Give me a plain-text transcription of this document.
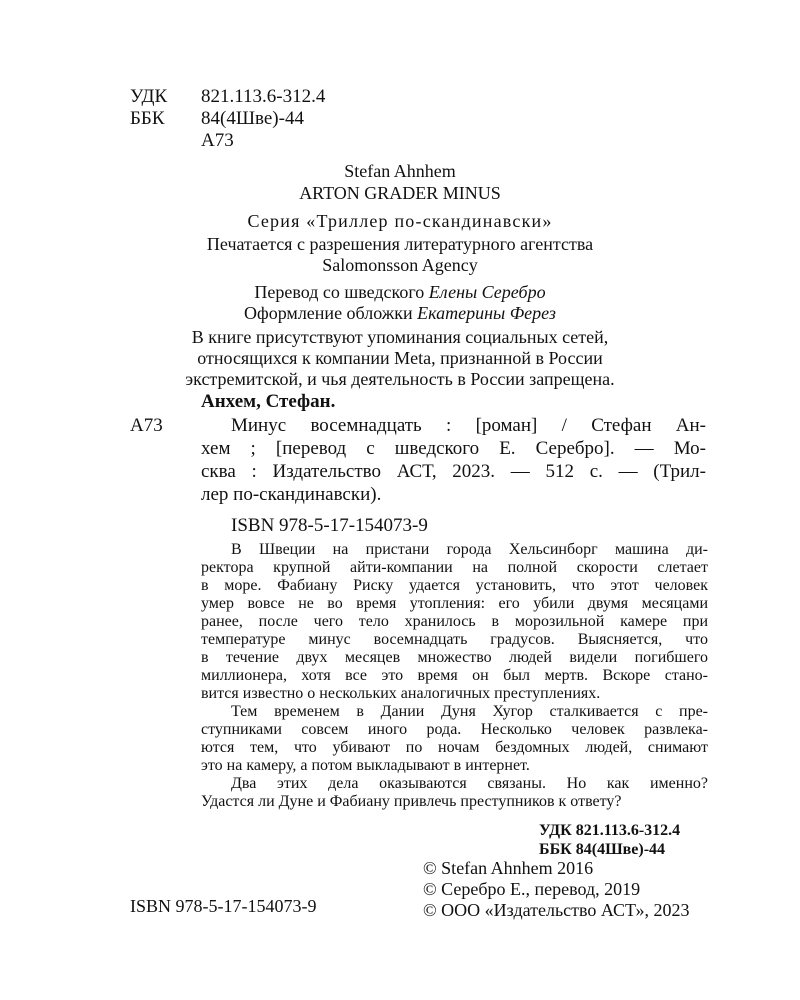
УДК 821.113.6-312.4
ББК 84(4Шве)-44
А73
Stefan Ahnhem
ARTON GRADER MINUS
Серия «Триллер по-скандинавски»
Печатается с разрешения литературного агентства
Salomonsson Agency
Перевод со шведского Елены Серебро
Оформление обложки Екатерины Ферез
В книге присутствуют упоминания социальных сетей,
относящихся к компании Meta, признанной в России
экстремитской, и чья деятельность в России запрещена.
Анхем, Стефан.
А73	Минус восемнадцать : [роман] / Стефан Ан-
хем ; [перевод с шведского Е. Серебро]. — Мо-
сква : Издательство АСТ, 2023. — 512 с. — (Трил-
лер по-скандинавски).
ISBN 978-5-17-154073-9
В Швеции на пристани города Хельсинборг машина ди-
ректора крупной айти-компании на полной скорости слетает
в море. Фабиану Риску удается установить, что этот человек
умер вовсе не во время утопления: его убили двумя месяцами
ранее, после чего тело хранилось в морозильной камере при
температуре минус восемнадцать градусов. Выясняется, что
в течение двух месяцев множество людей видели погибшего
миллионера, хотя все это время он был мертв. Вскоре стано-
вится известно о нескольких аналогичных преступлениях.
Тем временем в Дании Дуня Хугор сталкивается с пре-
ступниками совсем иного рода. Несколько человек развлека-
ются тем, что убивают по ночам бездомных людей, снимают
это на камеру, а потом выкладывают в интернет.
Два этих дела оказываются связаны. Но как именно?
Удастся ли Дуне и Фабиану привлечь преступников к ответу?
УДК 821.113.6-312.4
ББК 84(4Шве)-44
ISBN 978-5-17-154073-9
© Stefan Ahnhem 2016
© Серебро Е., перевод, 2019
© ООО «Издательство АСТ», 2023
